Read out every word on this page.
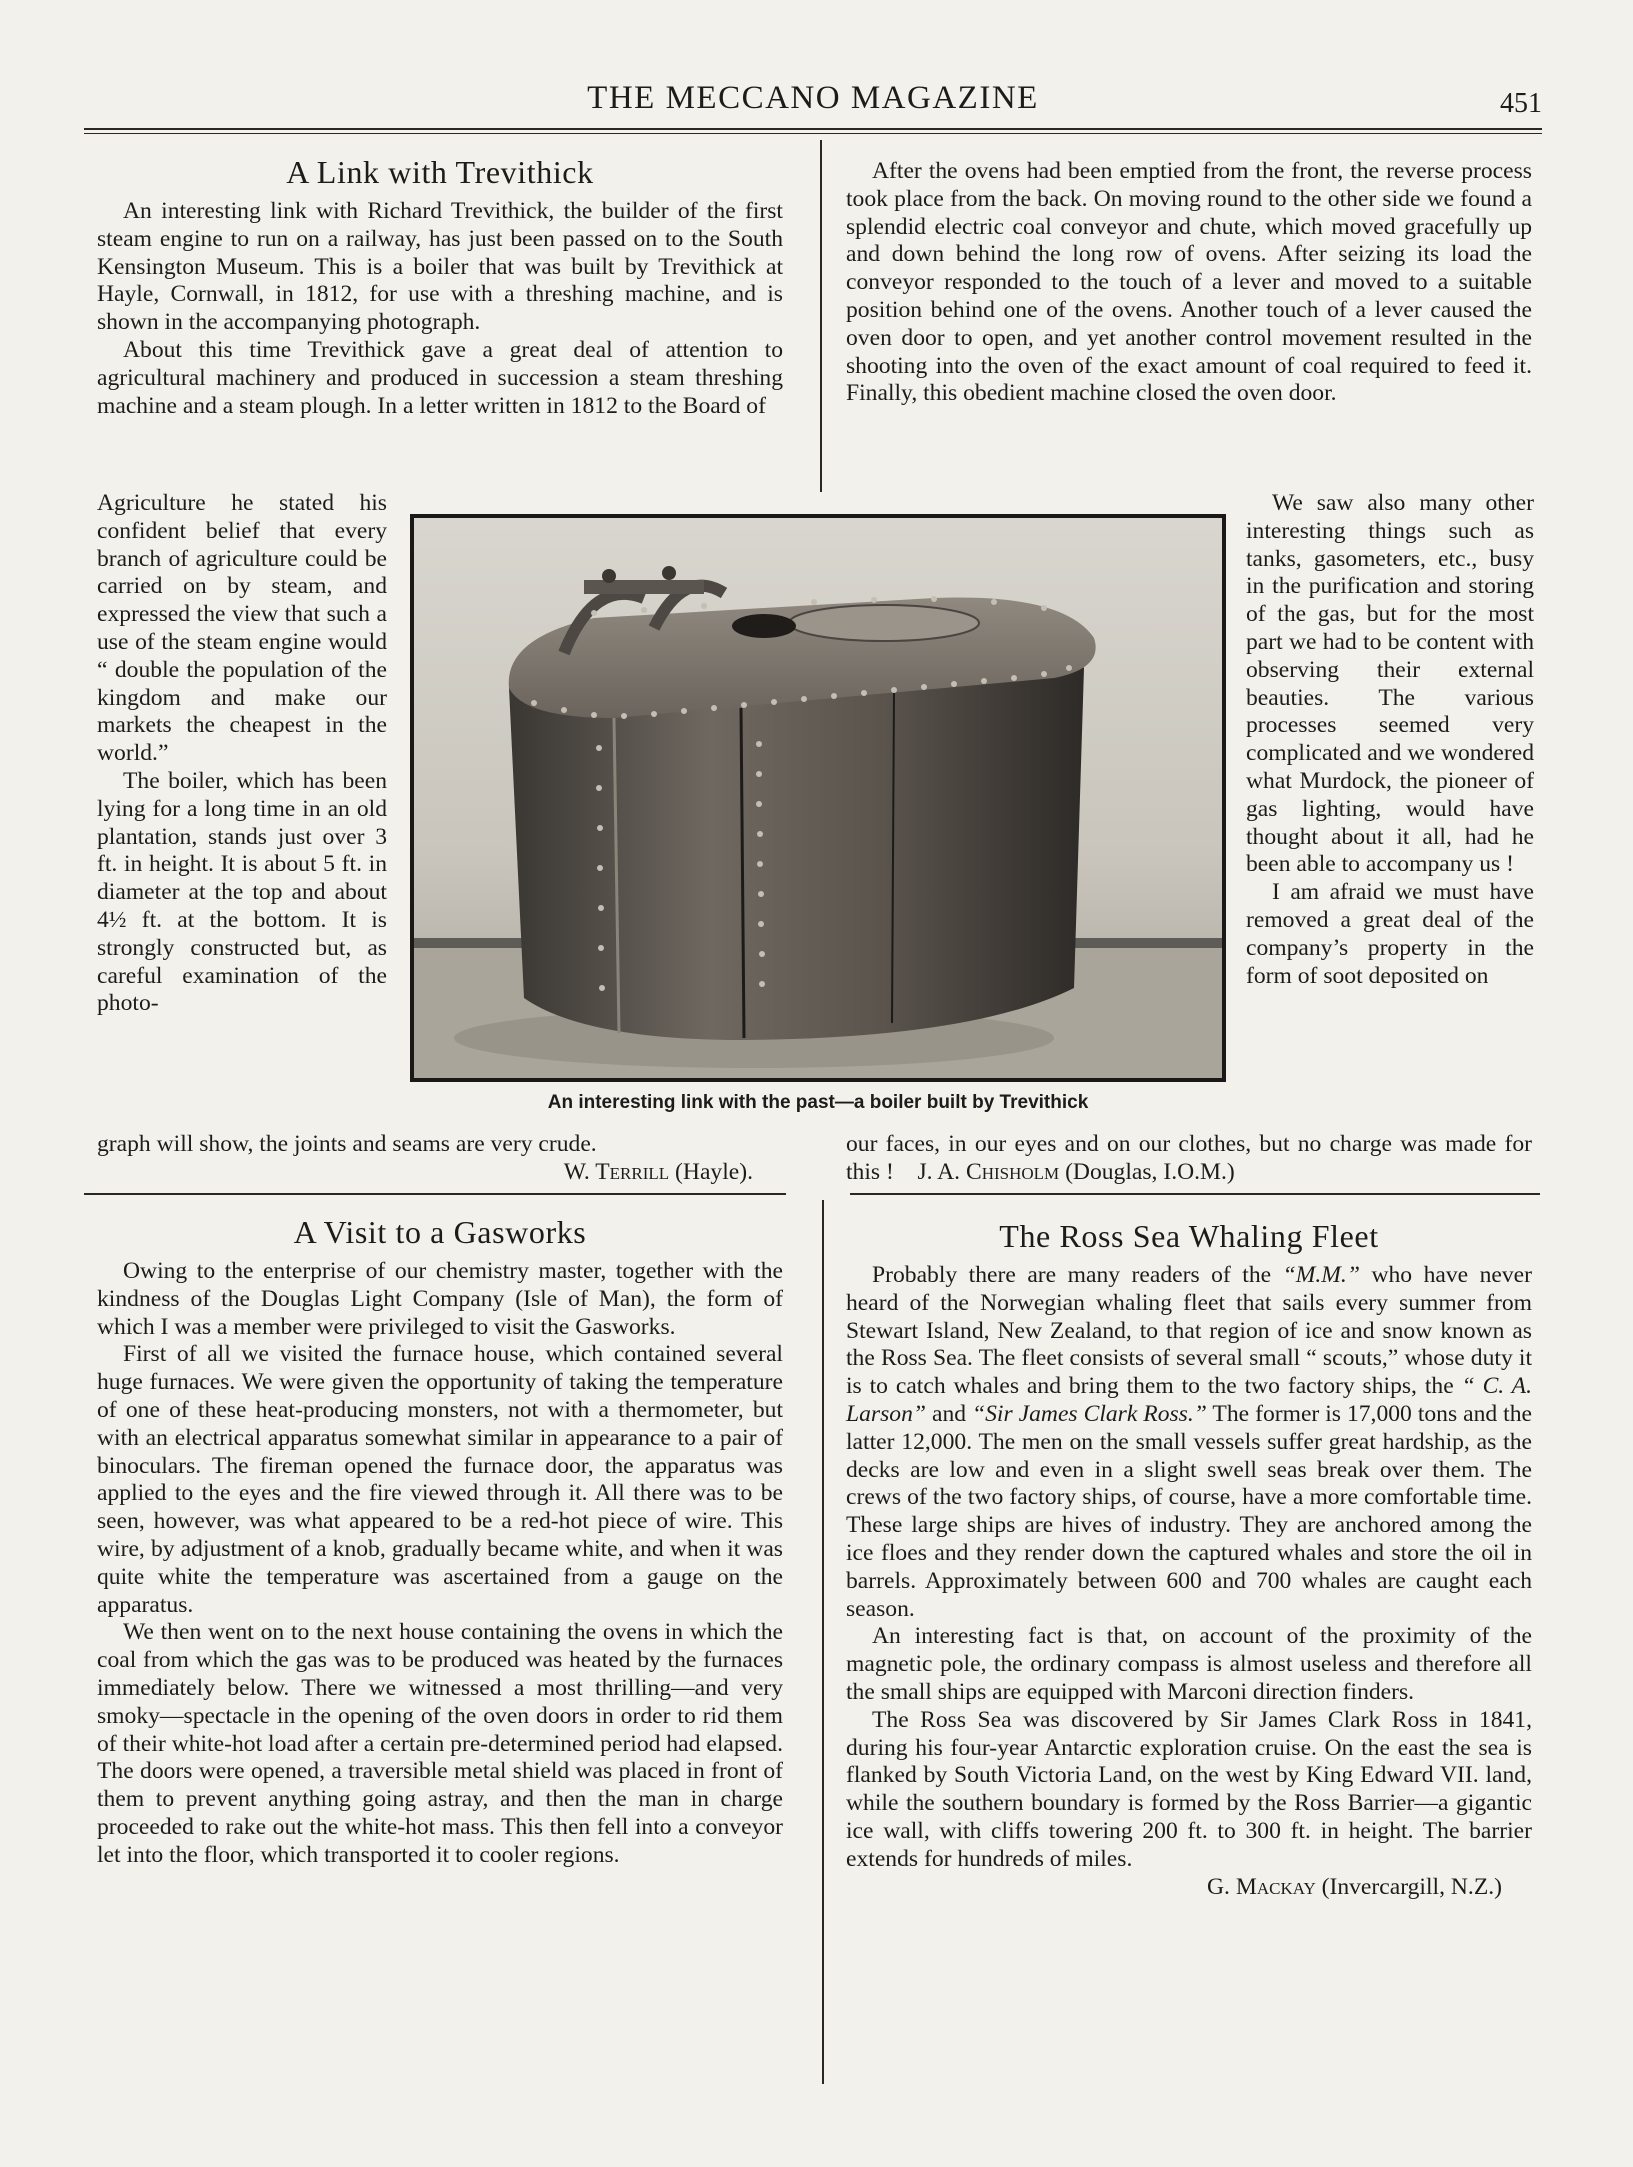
THE MECCANO MAGAZINE	451
A Link with Trevithick

An interesting link with Richard Trevithick, the builder of the first steam engine to run on a railway, has just been passed on to the South Kensington Museum. This is a boiler that was built by Trevithick at Hayle, Cornwall, in 1812, for use with a threshing machine, and is shown in the accompanying photograph.

About this time Trevithick gave a great deal of attention to agricultural machinery and produced in succession a steam threshing machine and a steam plough. In a letter written in 1812 to the Board of

Agriculture he stated his confident belief that every branch of agriculture could be carried on by steam, and expressed the view that such a use of the steam engine would “ double the population of the kingdom and make our markets the cheapest in the world.”

The boiler, which has been lying for a long time in an old plantation, stands just over 3 ft. in height. It is about 5 ft. in diameter at the top and about 4½ ft. at the bottom. It is strongly constructed but, as careful examination of the photo-

graph will show, the joints and seams are very crude.

W. Terrill (Hayle).
An interesting link with the past—a boiler built by Trevithick

After the ovens had been emptied from the front, the reverse process took place from the back. On moving round to the other side we found a splendid electric coal conveyor and chute, which moved gracefully up and down behind the long row of ovens. After seizing its load the conveyor responded to the touch of a lever and moved to a suitable position behind one of the ovens. Another touch of a lever caused the oven door to open, and yet another control movement resulted in the shooting into the oven of the exact amount of coal required to feed it. Finally, this obedient machine closed the oven door.

We saw also many other interesting things such as tanks, gasometers, etc., busy in the purification and storing of the gas, but for the most part we had to be content with observing their external beauties. The various processes seemed very complicated and we wondered what Murdock, the pioneer of gas lighting, would have thought about it all, had he been able to accompany us !

I am afraid we must have removed a great deal of the company’s property in the form of soot deposited on

our faces, in our eyes and on our clothes, but no charge was made for this ! J. A. Chisholm (Douglas, I.O.M.)

A Visit to a Gasworks

Owing to the enterprise of our chemistry master, together with the kindness of the Douglas Light Company (Isle of Man), the form of which I was a member were privileged to visit the Gasworks.

First of all we visited the furnace house, which contained several huge furnaces. We were given the opportunity of taking the temperature of one of these heat-producing monsters, not with a thermometer, but with an electrical apparatus somewhat similar in appearance to a pair of binoculars. The fireman opened the furnace door, the apparatus was applied to the eyes and the fire viewed through it. All there was to be seen, however, was what appeared to be a red-hot piece of wire. This wire, by adjustment of a knob, gradually became white, and when it was quite white the temperature was ascertained from a gauge on the apparatus.

We then went on to the next house containing the ovens in which the coal from which the gas was to be produced was heated by the furnaces immediately below. There we witnessed a most thrilling—and very smoky—spectacle in the opening of the oven doors in order to rid them of their white-hot load after a certain pre-determined period had elapsed. The doors were opened, a traversible metal shield was placed in front of them to prevent anything going astray, and then the man in charge proceeded to rake out the white-hot mass. This then fell into a conveyor let into the floor, which transported it to cooler regions.

The Ross Sea Whaling Fleet

Probably there are many readers of the “M.M.” who have never heard of the Norwegian whaling fleet that sails every summer from Stewart Island, New Zealand, to that region of ice and snow known as the Ross Sea. The fleet consists of several small “ scouts,” whose duty it is to catch whales and bring them to the two factory ships, the “ C. A. Larson” and “Sir James Clark Ross.” The former is 17,000 tons and the latter 12,000. The men on the small vessels suffer great hardship, as the decks are low and even in a slight swell seas break over them. The crews of the two factory ships, of course, have a more comfortable time. These large ships are hives of industry. They are anchored among the ice floes and they render down the captured whales and store the oil in barrels. Approximately between 600 and 700 whales are caught each season.

An interesting fact is that, on account of the proximity of the magnetic pole, the ordinary compass is almost useless and therefore all the small ships are equipped with Marconi direction finders.

The Ross Sea was discovered by Sir James Clark Ross in 1841, during his four-year Antarctic exploration cruise. On the east the sea is flanked by South Victoria Land, on the west by King Edward VII. land, while the southern boundary is formed by the Ross Barrier—a gigantic ice wall, with cliffs towering 200 ft. to 300 ft. in height. The barrier extends for hundreds of miles.

G. Mackay (Invercargill, N.Z.)
